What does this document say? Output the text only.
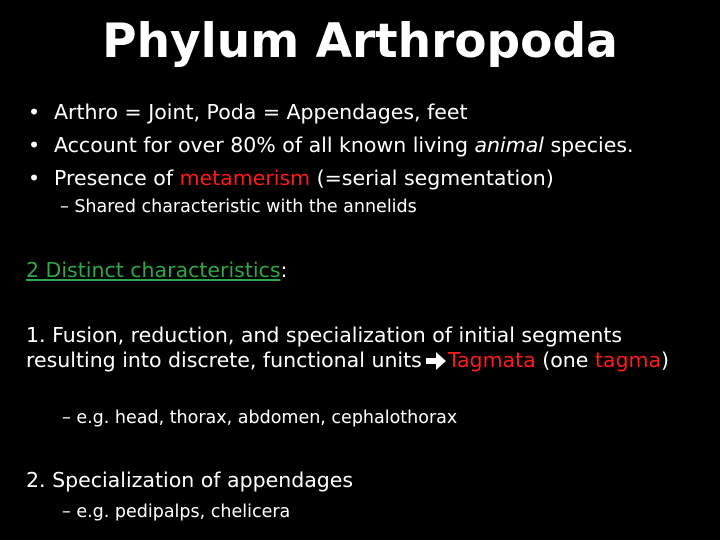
Phylum Arthropoda
• Arthro = Joint, Poda = Appendages, feet
• Account for over 80% of all known living animal species.
• Presence of metamerism (=serial segmentation)
– Shared characteristic with the annelids
2 Distinct characteristics:
1. Fusion, reduction, and specialization of initial segments resulting into discrete, functional units Tagmata (one tagma)
– e.g. head, thorax, abdomen, cephalothorax
2. Specialization of appendages
– e.g. pedipalps, chelicera
